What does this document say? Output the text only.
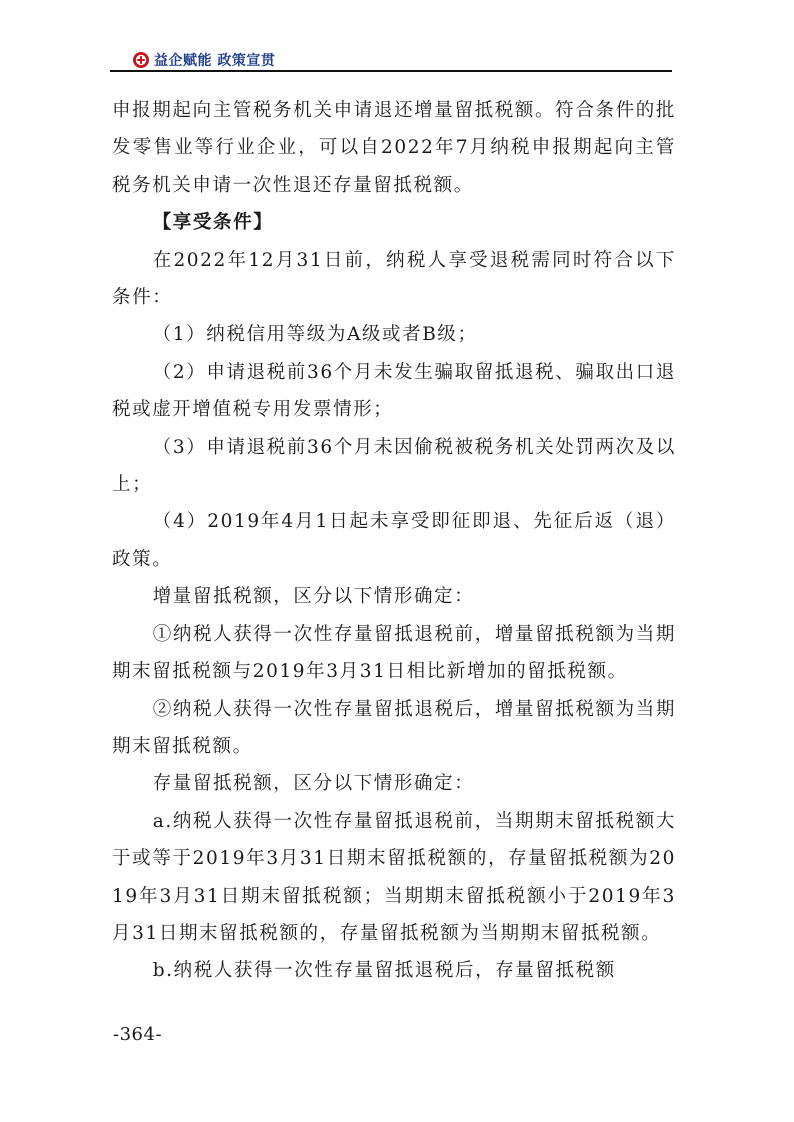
益企赋能 政策宣贯

申报期起向主管税务机关申请退还增量留抵税额。符合条件的批发零售业等行业企业，可以自2022年7月纳税申报期起向主管税务机关申请一次性退还存量留抵税额。

【享受条件】

在2022年12月31日前，纳税人享受退税需同时符合以下条件：

（1）纳税信用等级为A级或者B级；

（2）申请退税前36个月未发生骗取留抵退税、骗取出口退税或虚开增值税专用发票情形；

（3）申请退税前36个月未因偷税被税务机关处罚两次及以上；

（4）2019年4月1日起未享受即征即退、先征后返（退）政策。

增量留抵税额，区分以下情形确定：

①纳税人获得一次性存量留抵退税前，增量留抵税额为当期期末留抵税额与2019年3月31日相比新增加的留抵税额。

②纳税人获得一次性存量留抵退税后，增量留抵税额为当期期末留抵税额。

存量留抵税额，区分以下情形确定：

a.纳税人获得一次性存量留抵退税前，当期期末留抵税额大于或等于2019年3月31日期末留抵税额的，存量留抵税额为2019年3月31日期末留抵税额；当期期末留抵税额小于2019年3月31日期末留抵税额的，存量留抵税额为当期期末留抵税额。

b.纳税人获得一次性存量留抵退税后，存量留抵税额

-364-
